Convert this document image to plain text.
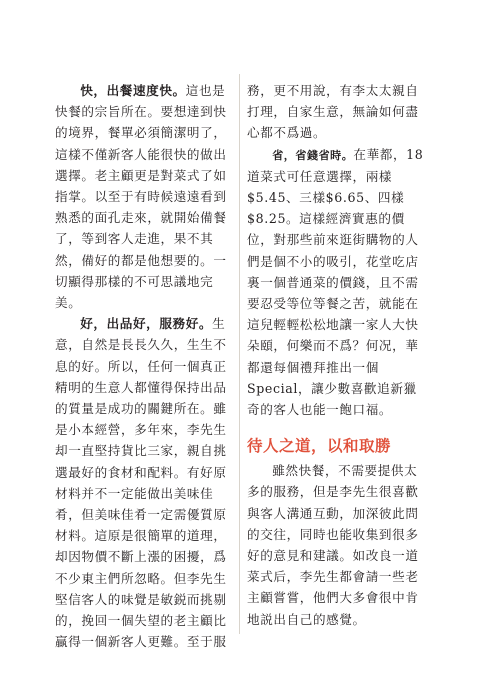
快，出餐速度快。這也是快餐的宗旨所在。要想達到快的境界，餐單必須簡潔明了，這樣不僅新客人能很快的做出選擇。老主顧更是對菜式了如指掌。以至于有時候遠遠看到熟悉的面孔走來，就開始備餐了，等到客人走進，果不其然，備好的都是他想要的。一切顯得那樣的不可思議地完美。

好，出品好，服務好。生意，自然是長長久久，生生不息的好。所以，任何一個真正精明的生意人都懂得保持出品的質量是成功的關鍵所在。雖是小本經營，多年來，李先生却一直堅持貨比三家，親自挑選最好的食材和配料。有好原材料并不一定能做出美味佳肴，但美味佳肴一定需優質原材料。這原是很簡單的道理，却因物價不斷上漲的困擾，爲不少東主們所忽略。但李先生堅信客人的味覺是敏鋭而挑剔的，挽回一個失望的老主顧比贏得一個新客人更難。至于服

務，更不用說，有李太太親自打理，自家生意，無論如何盡心都不爲過。

省，省錢省時。在華都，18道菜式可任意選擇，兩樣$5.45、三樣$6.65、四樣$8.25。這樣經濟實惠的價位，對那些前來逛街購物的人們是個不小的吸引，花堂吃店裏一個普通菜的價錢，且不需要忍受等位等餐之苦，就能在這兒輕輕松松地讓一家人大快朵頤，何樂而不爲？何况，華都還每個禮拜推出一個Special，讓少數喜歡追新獵奇的客人也能一飽口福。

待人之道，以和取勝

雖然快餐，不需要提供太多的服務，但是李先生很喜歡與客人溝通互動，加深彼此問的交往，同時也能收集到很多好的意見和建議。如改良一道菜式后，李先生都會請一些老主顧嘗嘗，他們大多會很中肯地説出自己的感覺。
